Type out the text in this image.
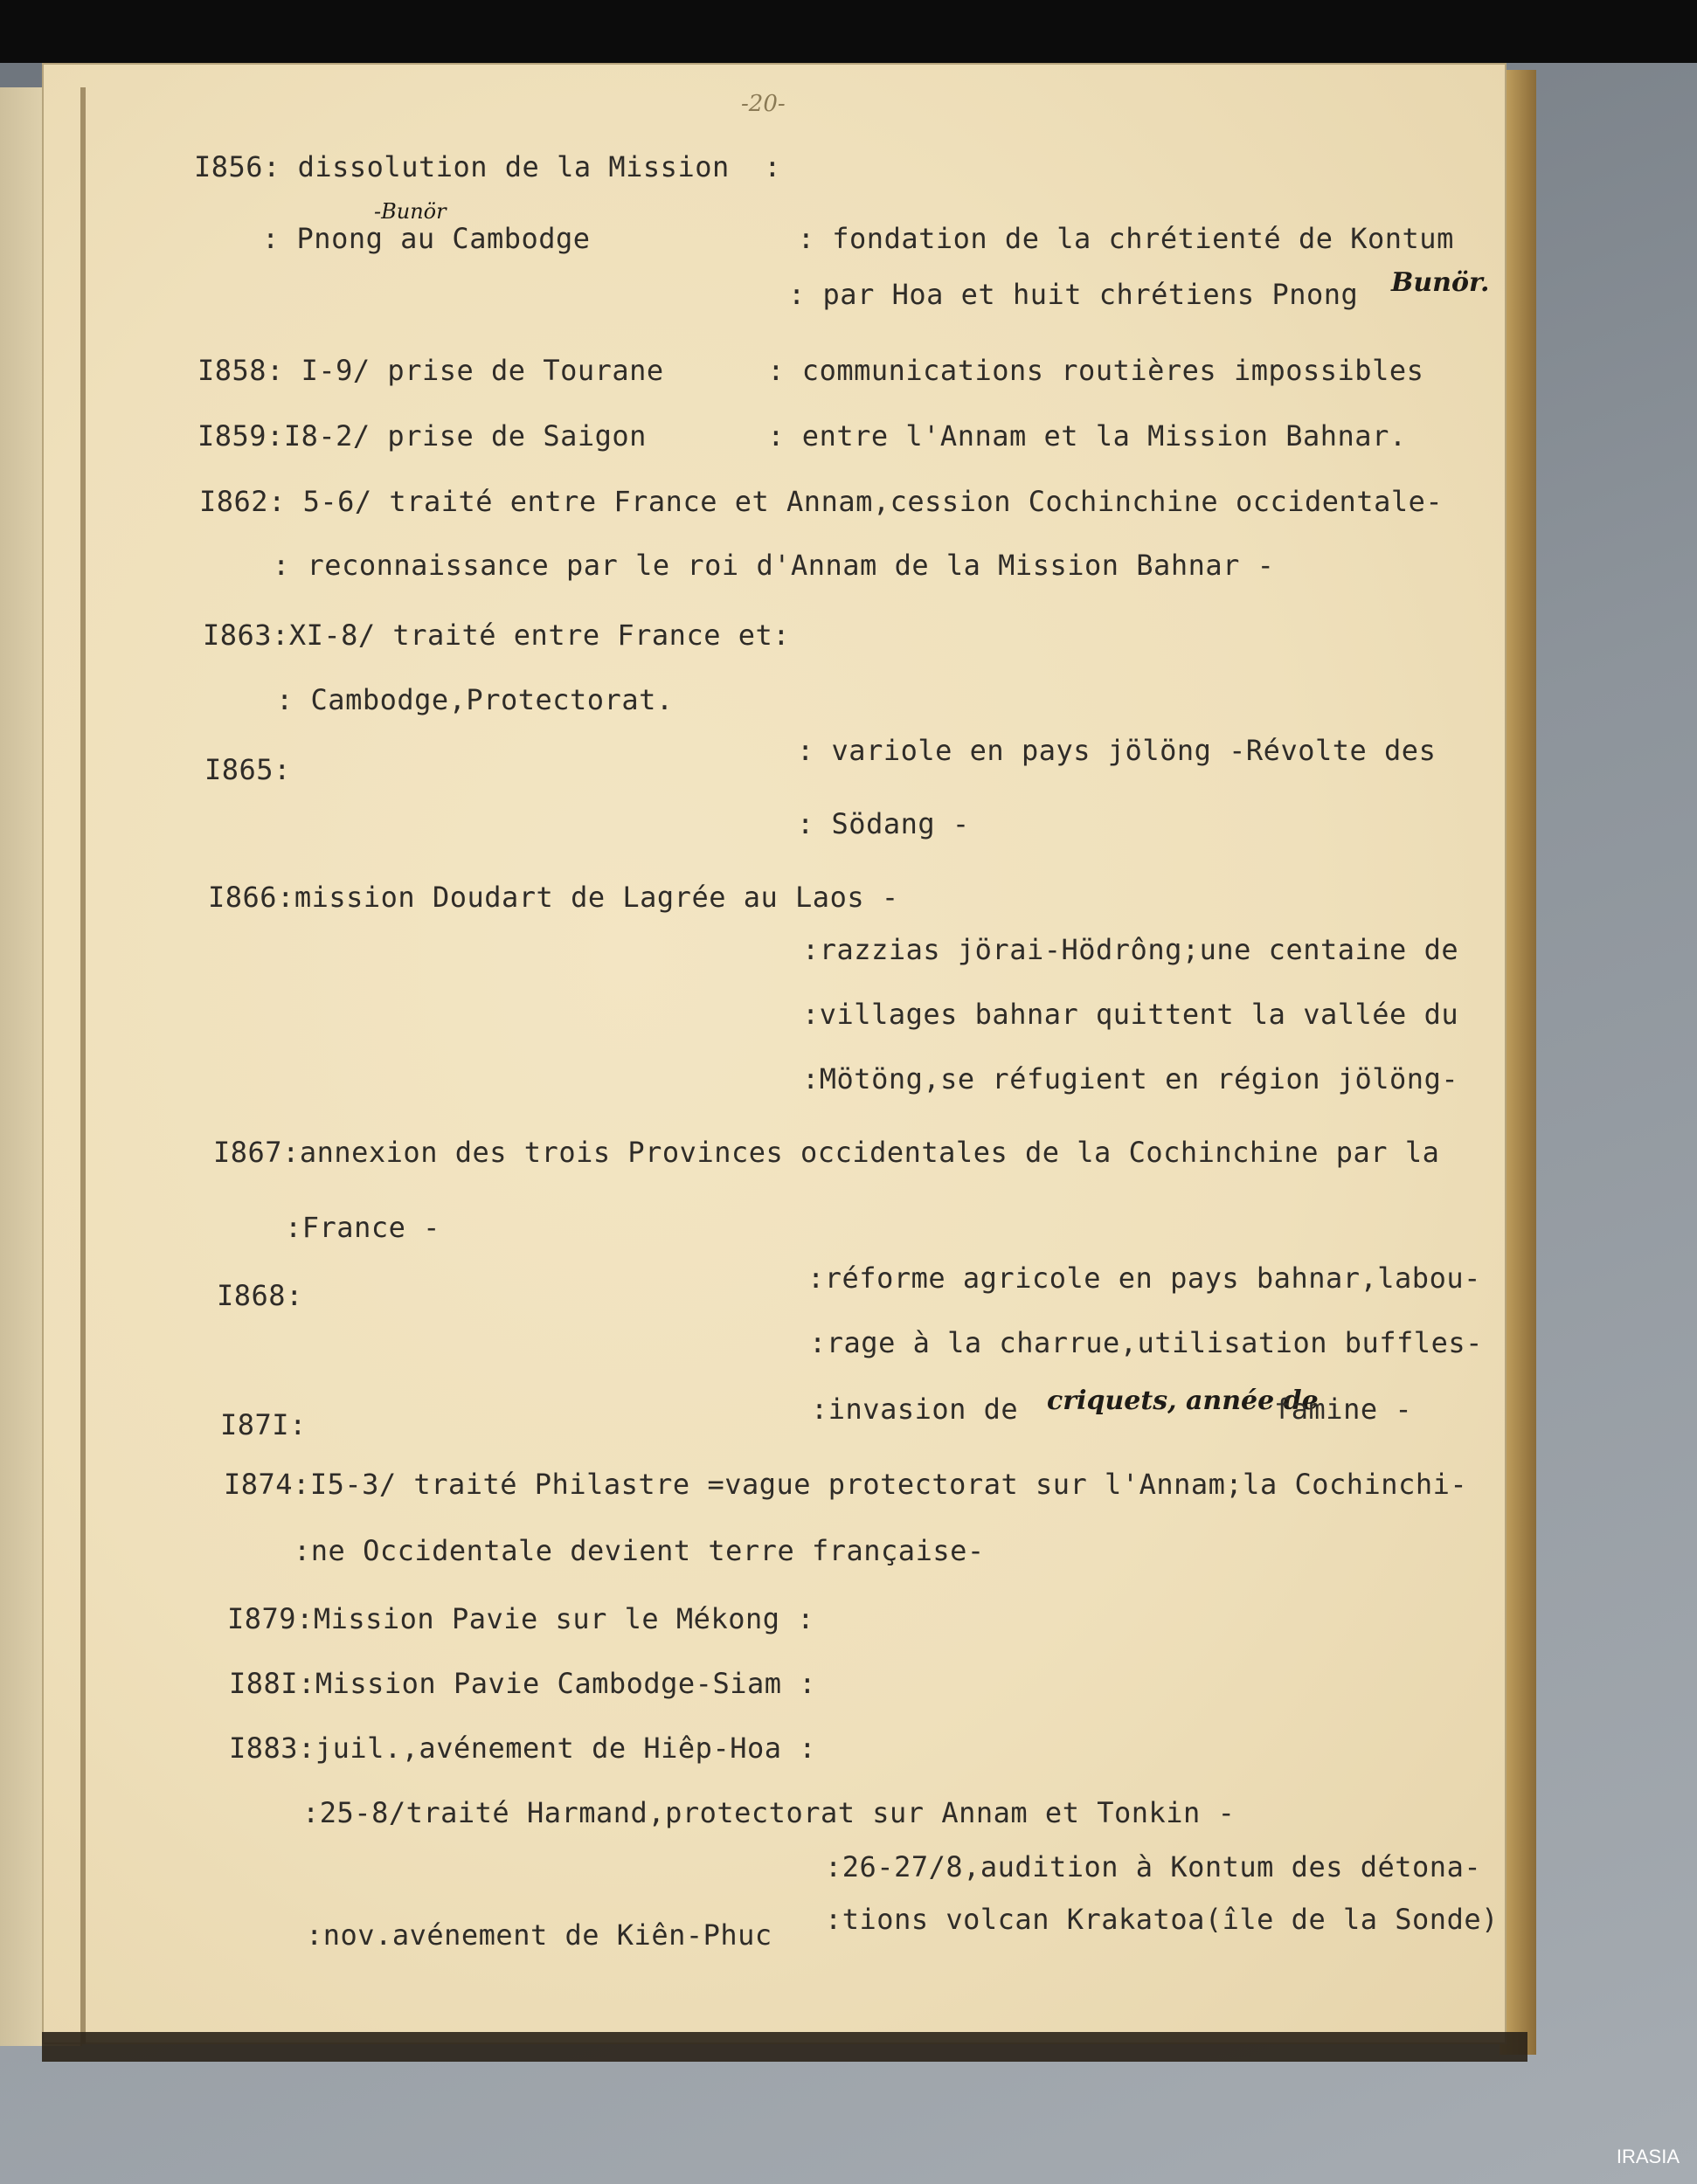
-20-
I856: dissolution de la Mission  :
-Bunör
: Pnong au Cambodge            : fondation de la chrétienté de Kontum
: par Hoa et huit chrétiens Pnong Bunör.
I858: I-9/ prise de Tourane      : communications routières impossibles
I859:I8-2/ prise de Saigon       : entre l'Annam et la Mission Bahnar.
I862: 5-6/ traité entre France et Annam,cession Cochinchine occidentale-
: reconnaissance par le roi d'Annam de la Mission Bahnar -
I863:XI-8/ traité entre France et:
: Cambodge,Protectorat.
I865:
: variole en pays jölöng -Révolte des
: Södang -
I866:mission Doudart de Lagrée au Laos -
:razzias jörai-Hödrông;une centaine de
:villages bahnar quittent la vallée du
:Mötöng,se réfugient en région jölöng-
I867:annexion des trois Provinces occidentales de la Cochinchine par la
:France -
I868:
:réforme agricole en pays bahnar,labou-
:rage à la charrue,utilisation buffles-
I87I:	:invasion de criquets, année de
famine -
I874:I5-3/ traité Philastre =vague protectorat sur l'Annam;la Cochinchi-
:ne Occidentale devient terre française-
I879:Mission Pavie sur le Mékong :
I88I:Mission Pavie Cambodge-Siam :
I883:juil.,avénement de Hiêp-Hoa :
:25-8/traité Harmand,protectorat sur Annam et Tonkin -
:26-27/8,audition à Kontum des détona-
:nov.avénement de Kiên-Phuc :tions volcan Krakatoa(île de la Sonde)
IRASIA
